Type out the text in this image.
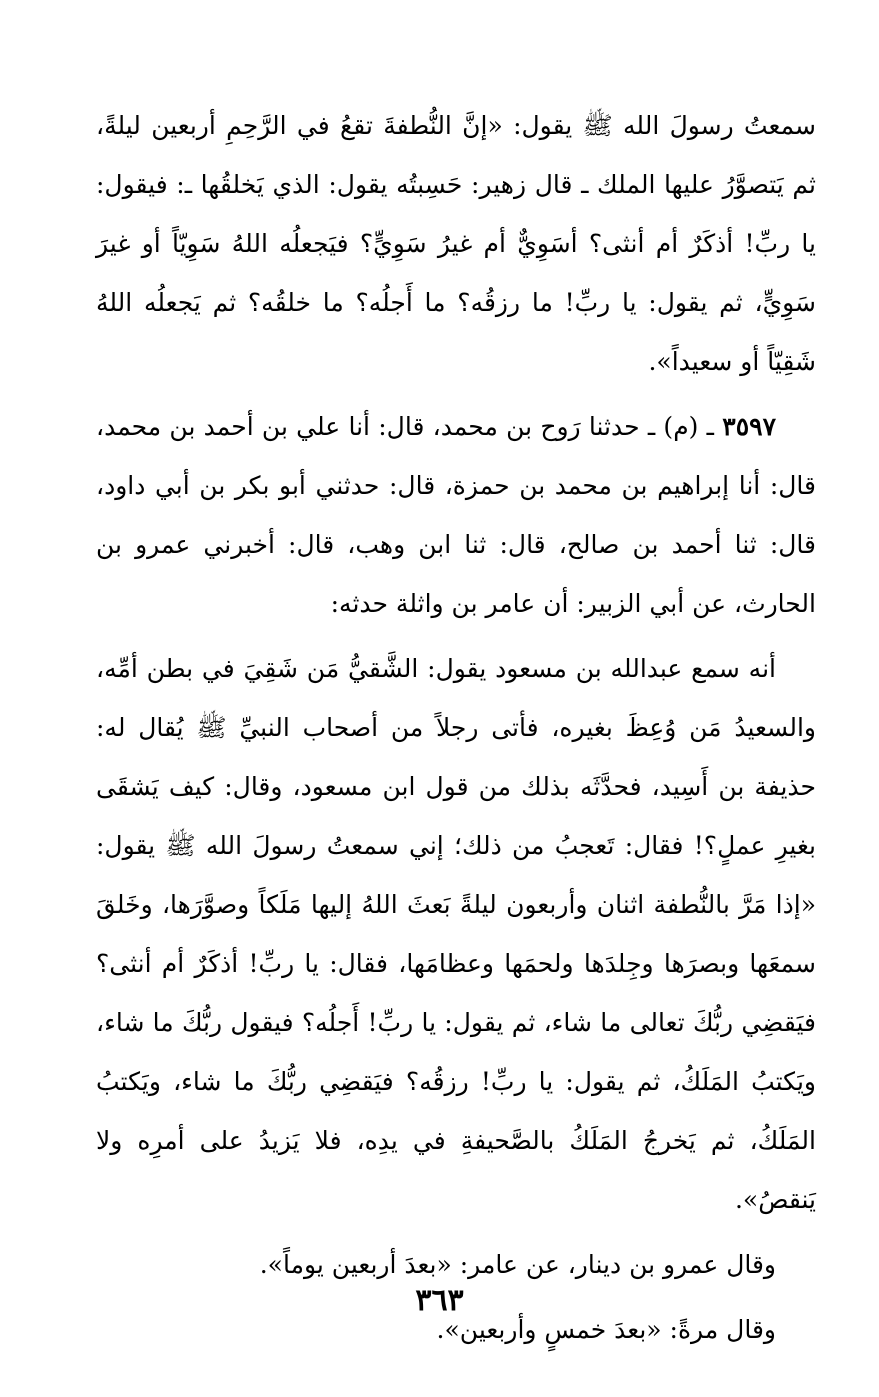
سمعتُ رسولَ الله ﷺ يقول: «إنَّ النُّطفةَ تقعُ في الرَّحِمِ أربعين ليلةً، ثم يَتصوَّرُ عليها الملك ـ قال زهير: حَسِبتُه يقول: الذي يَخلقُها ـ: فيقول: يا ربِّ! أذكَرٌ أم أنثى؟ أسَوِيٌّ أم غيرُ سَوِيٍّ؟ فيَجعلُه اللهُ سَوِيّاً أو غيرَ سَوِيٍّ، ثم يقول: يا ربِّ! ما رزقُه؟ ما أَجلُه؟ ما خلقُه؟ ثم يَجعلُه اللهُ شَقِيّاً أو سعيداً».

٣٥٩٧ ـ (م) ـ حدثنا رَوح بن محمد، قال: أنا علي بن أحمد بن محمد، قال: أنا إبراهيم بن محمد بن حمزة، قال: حدثني أبو بكر بن أبي داود، قال: ثنا أحمد بن صالح، قال: ثنا ابن وهب، قال: أخبرني عمرو بن الحارث، عن أبي الزبير: أن عامر بن واثلة حدثه:

أنه سمع عبدالله بن مسعود يقول: الشَّقيُّ مَن شَقِيَ في بطن أمِّه، والسعيدُ مَن وُعِظَ بغيره، فأتى رجلاً من أصحاب النبيِّ ﷺ يُقال له: حذيفة بن أَسِيد، فحدَّثَه بذلك من قول ابن مسعود، وقال: كيف يَشقَى بغيرِ عملٍ؟! فقال: تَعجبُ من ذلك؛ إني سمعتُ رسولَ الله ﷺ يقول: «إذا مَرَّ بالنُّطفة اثنان وأربعون ليلةً بَعثَ اللهُ إليها مَلَكاً وصوَّرَها، وخَلقَ سمعَها وبصرَها وجِلدَها ولحمَها وعظامَها، فقال: يا ربِّ! أذكَرٌ أم أنثى؟ فيَقضِي ربُّكَ تعالى ما شاء، ثم يقول: يا ربِّ! أَجلُه؟ فيقول ربُّكَ ما شاء، ويَكتبُ المَلَكُ، ثم يقول: يا ربِّ! رزقُه؟ فيَقضِي ربُّكَ ما شاء، ويَكتبُ المَلَكُ، ثم يَخرجُ المَلَكُ بالصَّحيفةِ في يدِه، فلا يَزيدُ على أمرِه ولا يَنقصُ».

وقال عمرو بن دينار، عن عامر: «بعدَ أربعين يوماً».

وقال مرةً: «بعدَ خمسٍ وأربعين».

٣٦٣
